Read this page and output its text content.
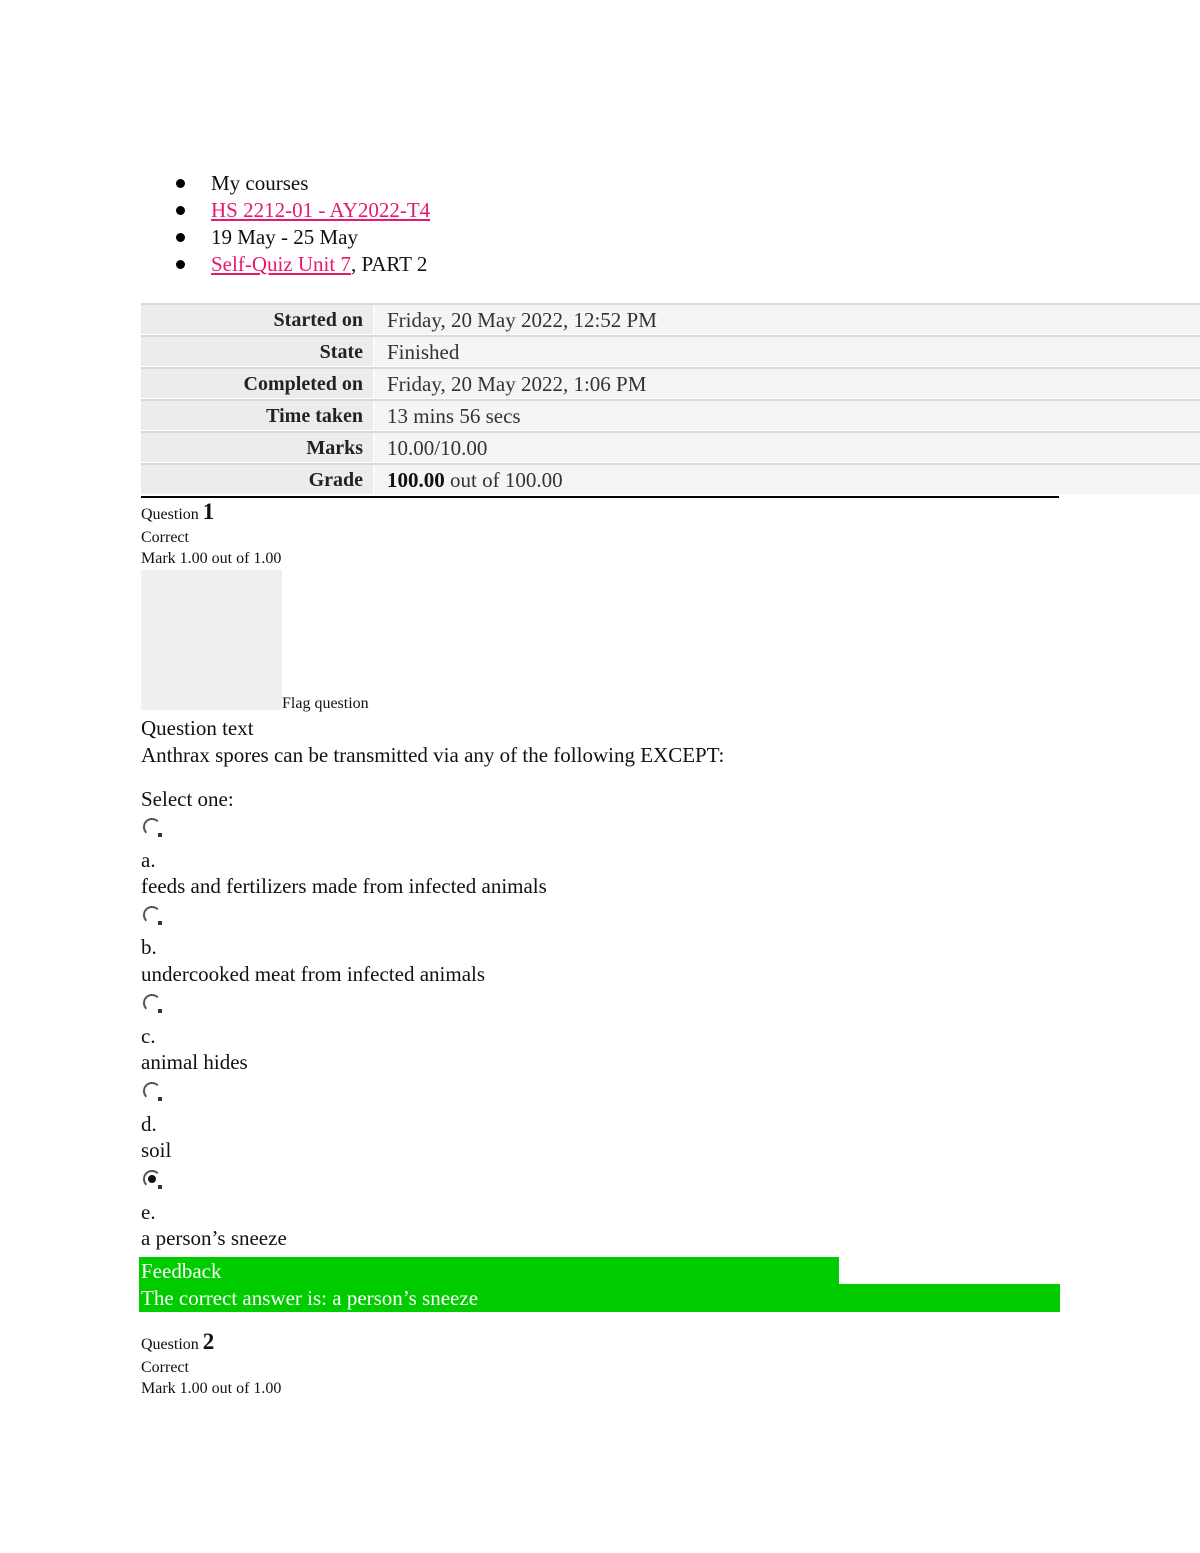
My courses
HS 2212-01 - AY2022-T4
19 May - 25 May
Self-Quiz Unit 7, PART 2
Started on	Friday, 20 May 2022, 12:52 PM
State	Finished
Completed on	Friday, 20 May 2022, 1:06 PM
Time taken	13 mins 56 secs
Marks	10.00/10.00
Grade	100.00 out of 100.00
Question 1
Correct
Mark 1.00 out of 1.00
Flag question
Question text
Anthrax spores can be transmitted via any of the following EXCEPT:
Select one:
a.
feeds and fertilizers made from infected animals
b.
undercooked meat from infected animals
c.
animal hides
d.
soil
e.
a person’s sneeze
Feedback
The correct answer is: a person’s sneeze
Question 2
Correct
Mark 1.00 out of 1.00
